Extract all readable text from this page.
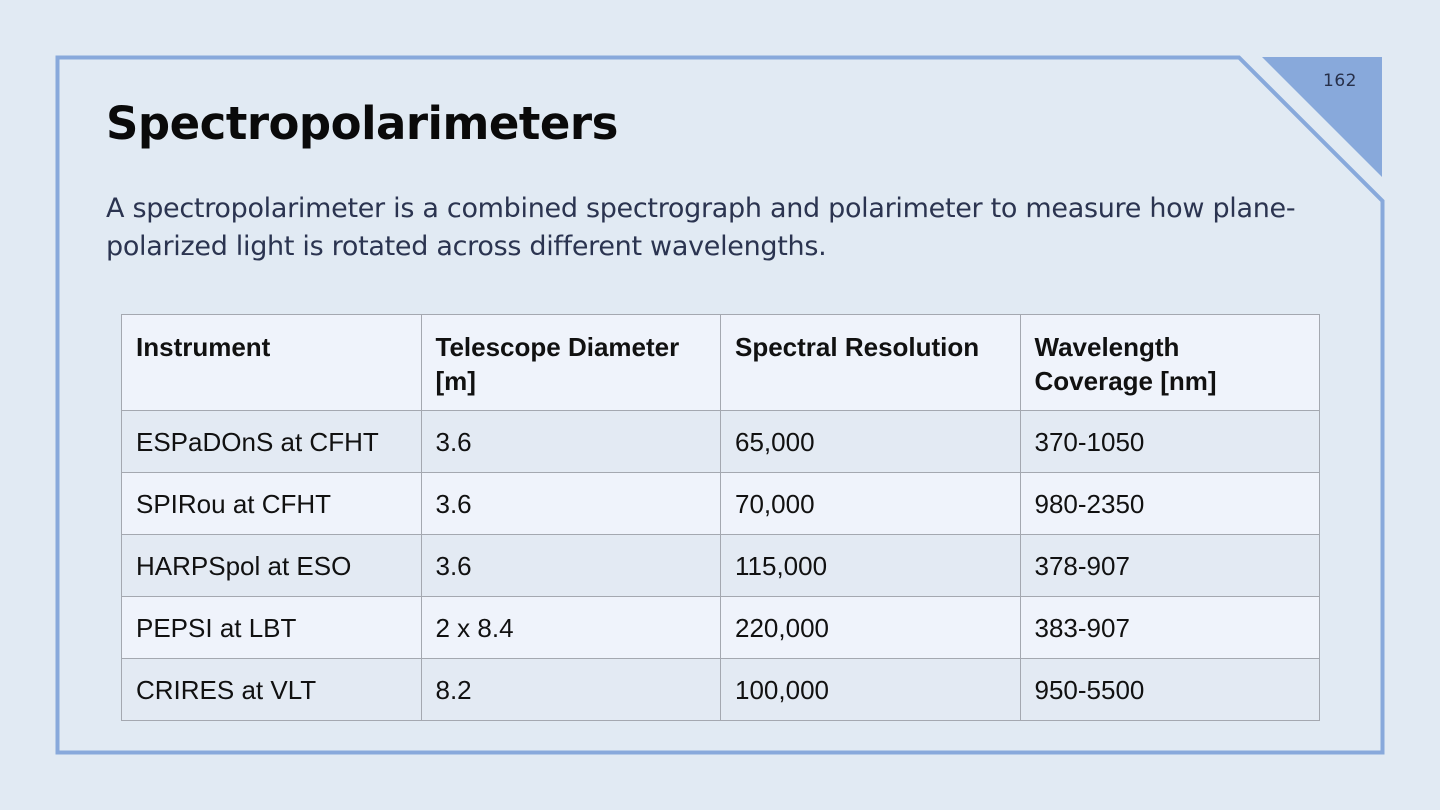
162
Spectropolarimeters

A spectropolarimeter is a combined spectrograph and polarimeter to measure how plane-polarized light is rotated across different wavelengths.

Instrument	Telescope Diameter [m]	Spectral Resolution	Wavelength Coverage [nm]
ESPaDOnS at CFHT	3.6	65,000	370-1050
SPIRou at CFHT	3.6	70,000	980-2350
HARPSpol at ESO	3.6	115,000	378-907
PEPSI at LBT	2 x 8.4	220,000	383-907
CRIRES at VLT	8.2	100,000	950-5500
